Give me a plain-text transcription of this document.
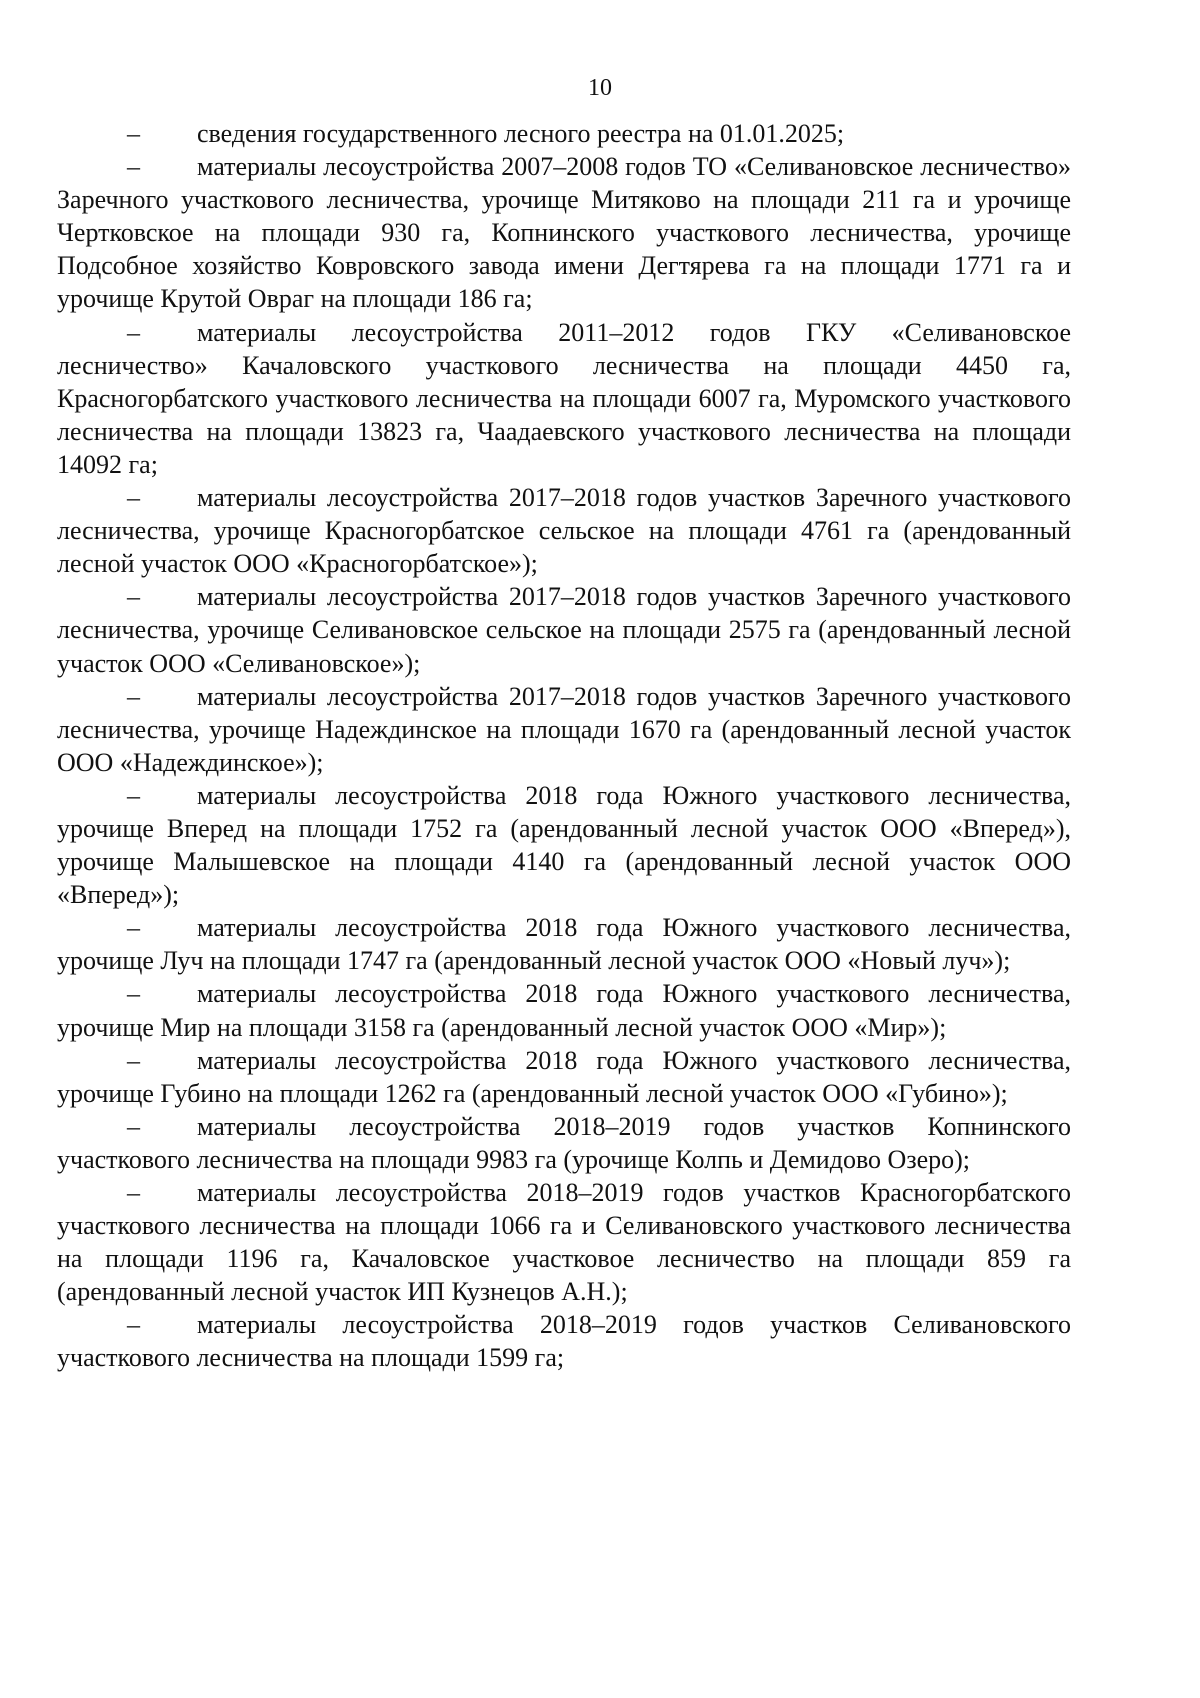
10

– сведения государственного лесного реестра на 01.01.2025;

– материалы лесоустройства 2007–2008 годов ТО «Селивановское лесничество» Заречного участкового лесничества, урочище Митяково на площади 211 га и урочище Чертковское на площади 930 га, Копнинского участкового лесничества, урочище Подсобное хозяйство Ковровского завода имени Дегтярева га на площади 1771 га и урочище Крутой Овраг на площади 186 га;

– материалы лесоустройства 2011–2012 годов ГКУ «Селивановское лесничество» Качаловского участкового лесничества на площади 4450 га, Красногорбатского участкового лесничества на площади 6007 га, Муромского участкового лесничества на площади 13823 га, Чаадаевского участкового лесничества на площади 14092 га;

– материалы лесоустройства 2017–2018 годов участков Заречного участкового лесничества, урочище Красногорбатское сельское на площади 4761 га (арендованный лесной участок ООО «Красногорбатское»);

– материалы лесоустройства 2017–2018 годов участков Заречного участкового лесничества, урочище Селивановское сельское на площади 2575 га (арендованный лесной участок ООО «Селивановское»);

– материалы лесоустройства 2017–2018 годов участков Заречного участкового лесничества, урочище Надеждинское на площади 1670 га (арендованный лесной участок ООО «Надеждинское»);

– материалы лесоустройства 2018 года Южного участкового лесничества, урочище Вперед на площади 1752 га (арендованный лесной участок ООО «Вперед»), урочище Малышевское на площади 4140 га (арендованный лесной участок ООО «Вперед»);

– материалы лесоустройства 2018 года Южного участкового лесничества, урочище Луч на площади 1747 га (арендованный лесной участок ООО «Новый луч»);

– материалы лесоустройства 2018 года Южного участкового лесничества, урочище Мир на площади 3158 га (арендованный лесной участок ООО «Мир»);

– материалы лесоустройства 2018 года Южного участкового лесничества, урочище Губино на площади 1262 га (арендованный лесной участок ООО «Губино»);

– материалы лесоустройства 2018–2019 годов участков Копнинского участкового лесничества на площади 9983 га (урочище Колпь и Демидово Озеро);

– материалы лесоустройства 2018–2019 годов участков Красногорбатского участкового лесничества на площади 1066 га и Селивановского участкового лесничества на площади 1196 га, Качаловское участковое лесничество на площади 859 га (арендованный лесной участок ИП Кузнецов А.Н.);

– материалы лесоустройства 2018–2019 годов участков Селивановского участкового лесничества на площади 1599 га;
